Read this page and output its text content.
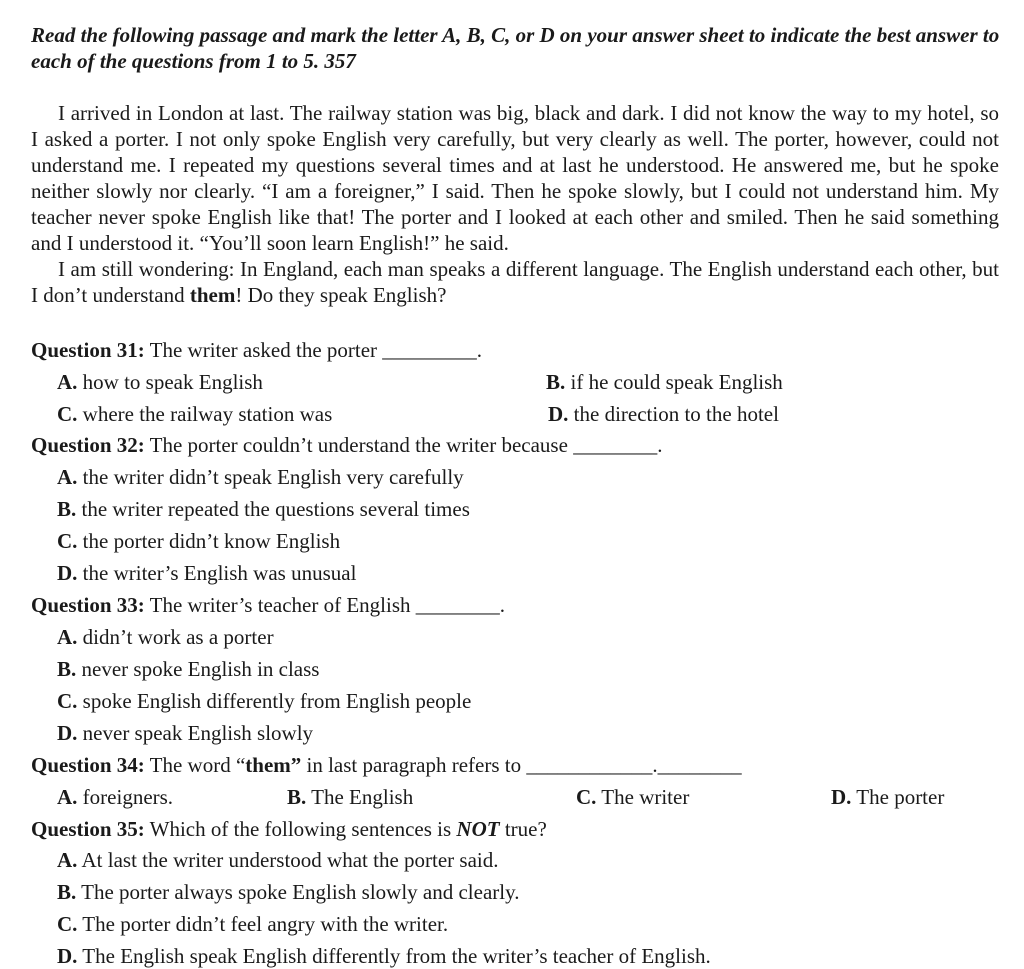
Read the following passage and mark the letter A, B, C, or D on your answer sheet to indicate the best answer to each of the questions from 1 to 5. 357

I arrived in London at last. The railway station was big, black and dark. I did not know the way to my hotel, so I asked a porter. I not only spoke English very carefully, but very clearly as well. The porter, however, could not understand me. I repeated my questions several times and at last he understood. He answered me, but he spoke neither slowly nor clearly. “I am a foreigner,” I said. Then he spoke slowly, but I could not understand him. My teacher never spoke English like that! The porter and I looked at each other and smiled. Then he said something and I understood it. “You’ll soon learn English!” he said.

I am still wondering: In England, each man speaks a different language. The English understand each other, but I don’t understand them! Do they speak English?

Question 31: The writer asked the porter _________.
A. how to speak English	B. if he could speak English
C. where the railway station was	D. the direction to the hotel
Question 32: The porter couldn’t understand the writer because ________.
A. the writer didn’t speak English very carefully
B. the writer repeated the questions several times
C. the porter didn’t know English
D. the writer’s English was unusual
Question 33: The writer’s teacher of English ________.
A. didn’t work as a porter
B. never spoke English in class
C. spoke English differently from English people
D. never speak English slowly
Question 34: The word “them” in last paragraph refers to ____________.________
A. foreigners.	B. The English	C. The writer	D. The porter
Question 35: Which of the following sentences is NOT true?
A. At last the writer understood what the porter said.
B. The porter always spoke English slowly and clearly.
C. The porter didn’t feel angry with the writer.
D. The English speak English differently from the writer’s teacher of English.
